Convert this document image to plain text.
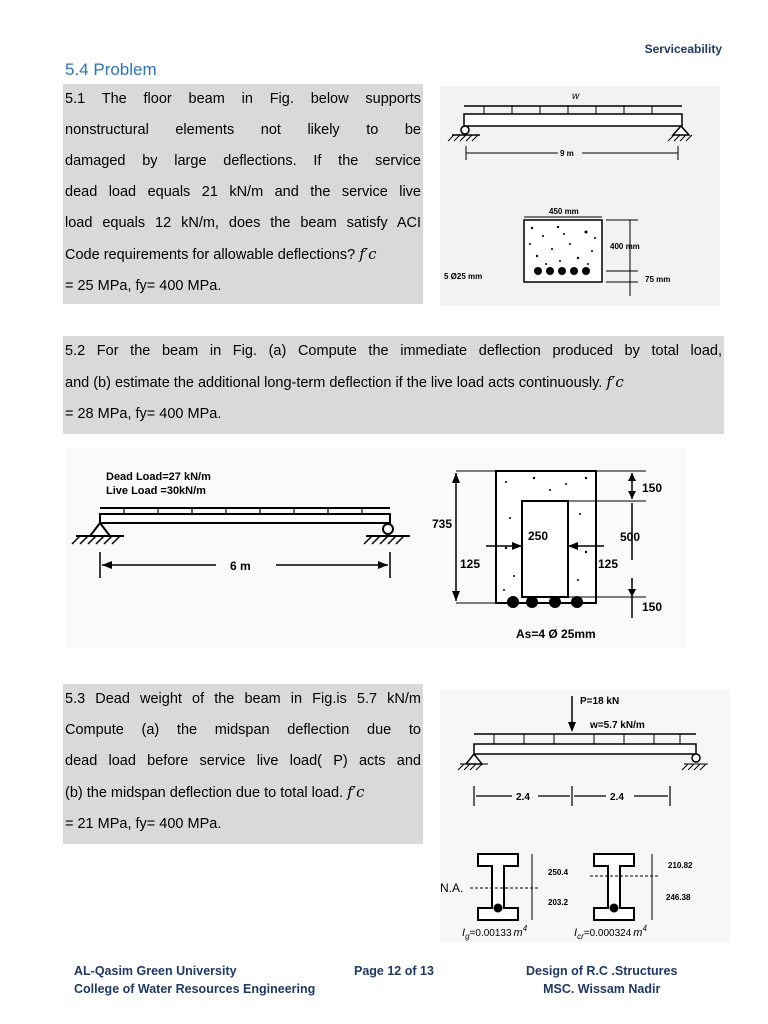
Serviceability
5.4 Problem
5.1 The floor beam in Fig. below supports
nonstructural elements not likely to be
damaged by large deflections. If the service
dead load equals 21 kN/m and the service live
load equals 12 kN/m, does the beam satisfy ACI
Code requirements for allowable deflections? f′c
= 25 MPa, fy= 400 MPa.
w
9 m
450 mm
400 mm
75 mm
5 Ø25 mm
5.2 For the beam in Fig. (a) Compute the immediate deflection produced by total load,
and (b) estimate the additional long-term deflection if the live load acts continuously. f′c
= 28 MPa, fy= 400 MPa.
Dead Load=27 kN/m
Live Load =30kN/m
6 m
735
150
500
150
250
125	125
As=4 Ø 25mm
5.3 Dead weight of the beam in Fig.is 5.7 kN/m
Compute (a) the midspan deflection due to
dead load before service live load( P) acts and
(b) the midspan deflection due to total load. f′c
= 21 MPa, fy= 400 MPa.
P=18 kN
w=5.7 kN/m
2.4	2.4
N.A.
250.4
203.2
210.82
246.38
$I_g=0.00133$ $m^4$	$I_{cr}=0.000324$ $m^4$
AL-Qasim Green University
College of Water Resources Engineering
Page 12 of 13	Design of R.C .Structures
MSC. Wissam Nadir
